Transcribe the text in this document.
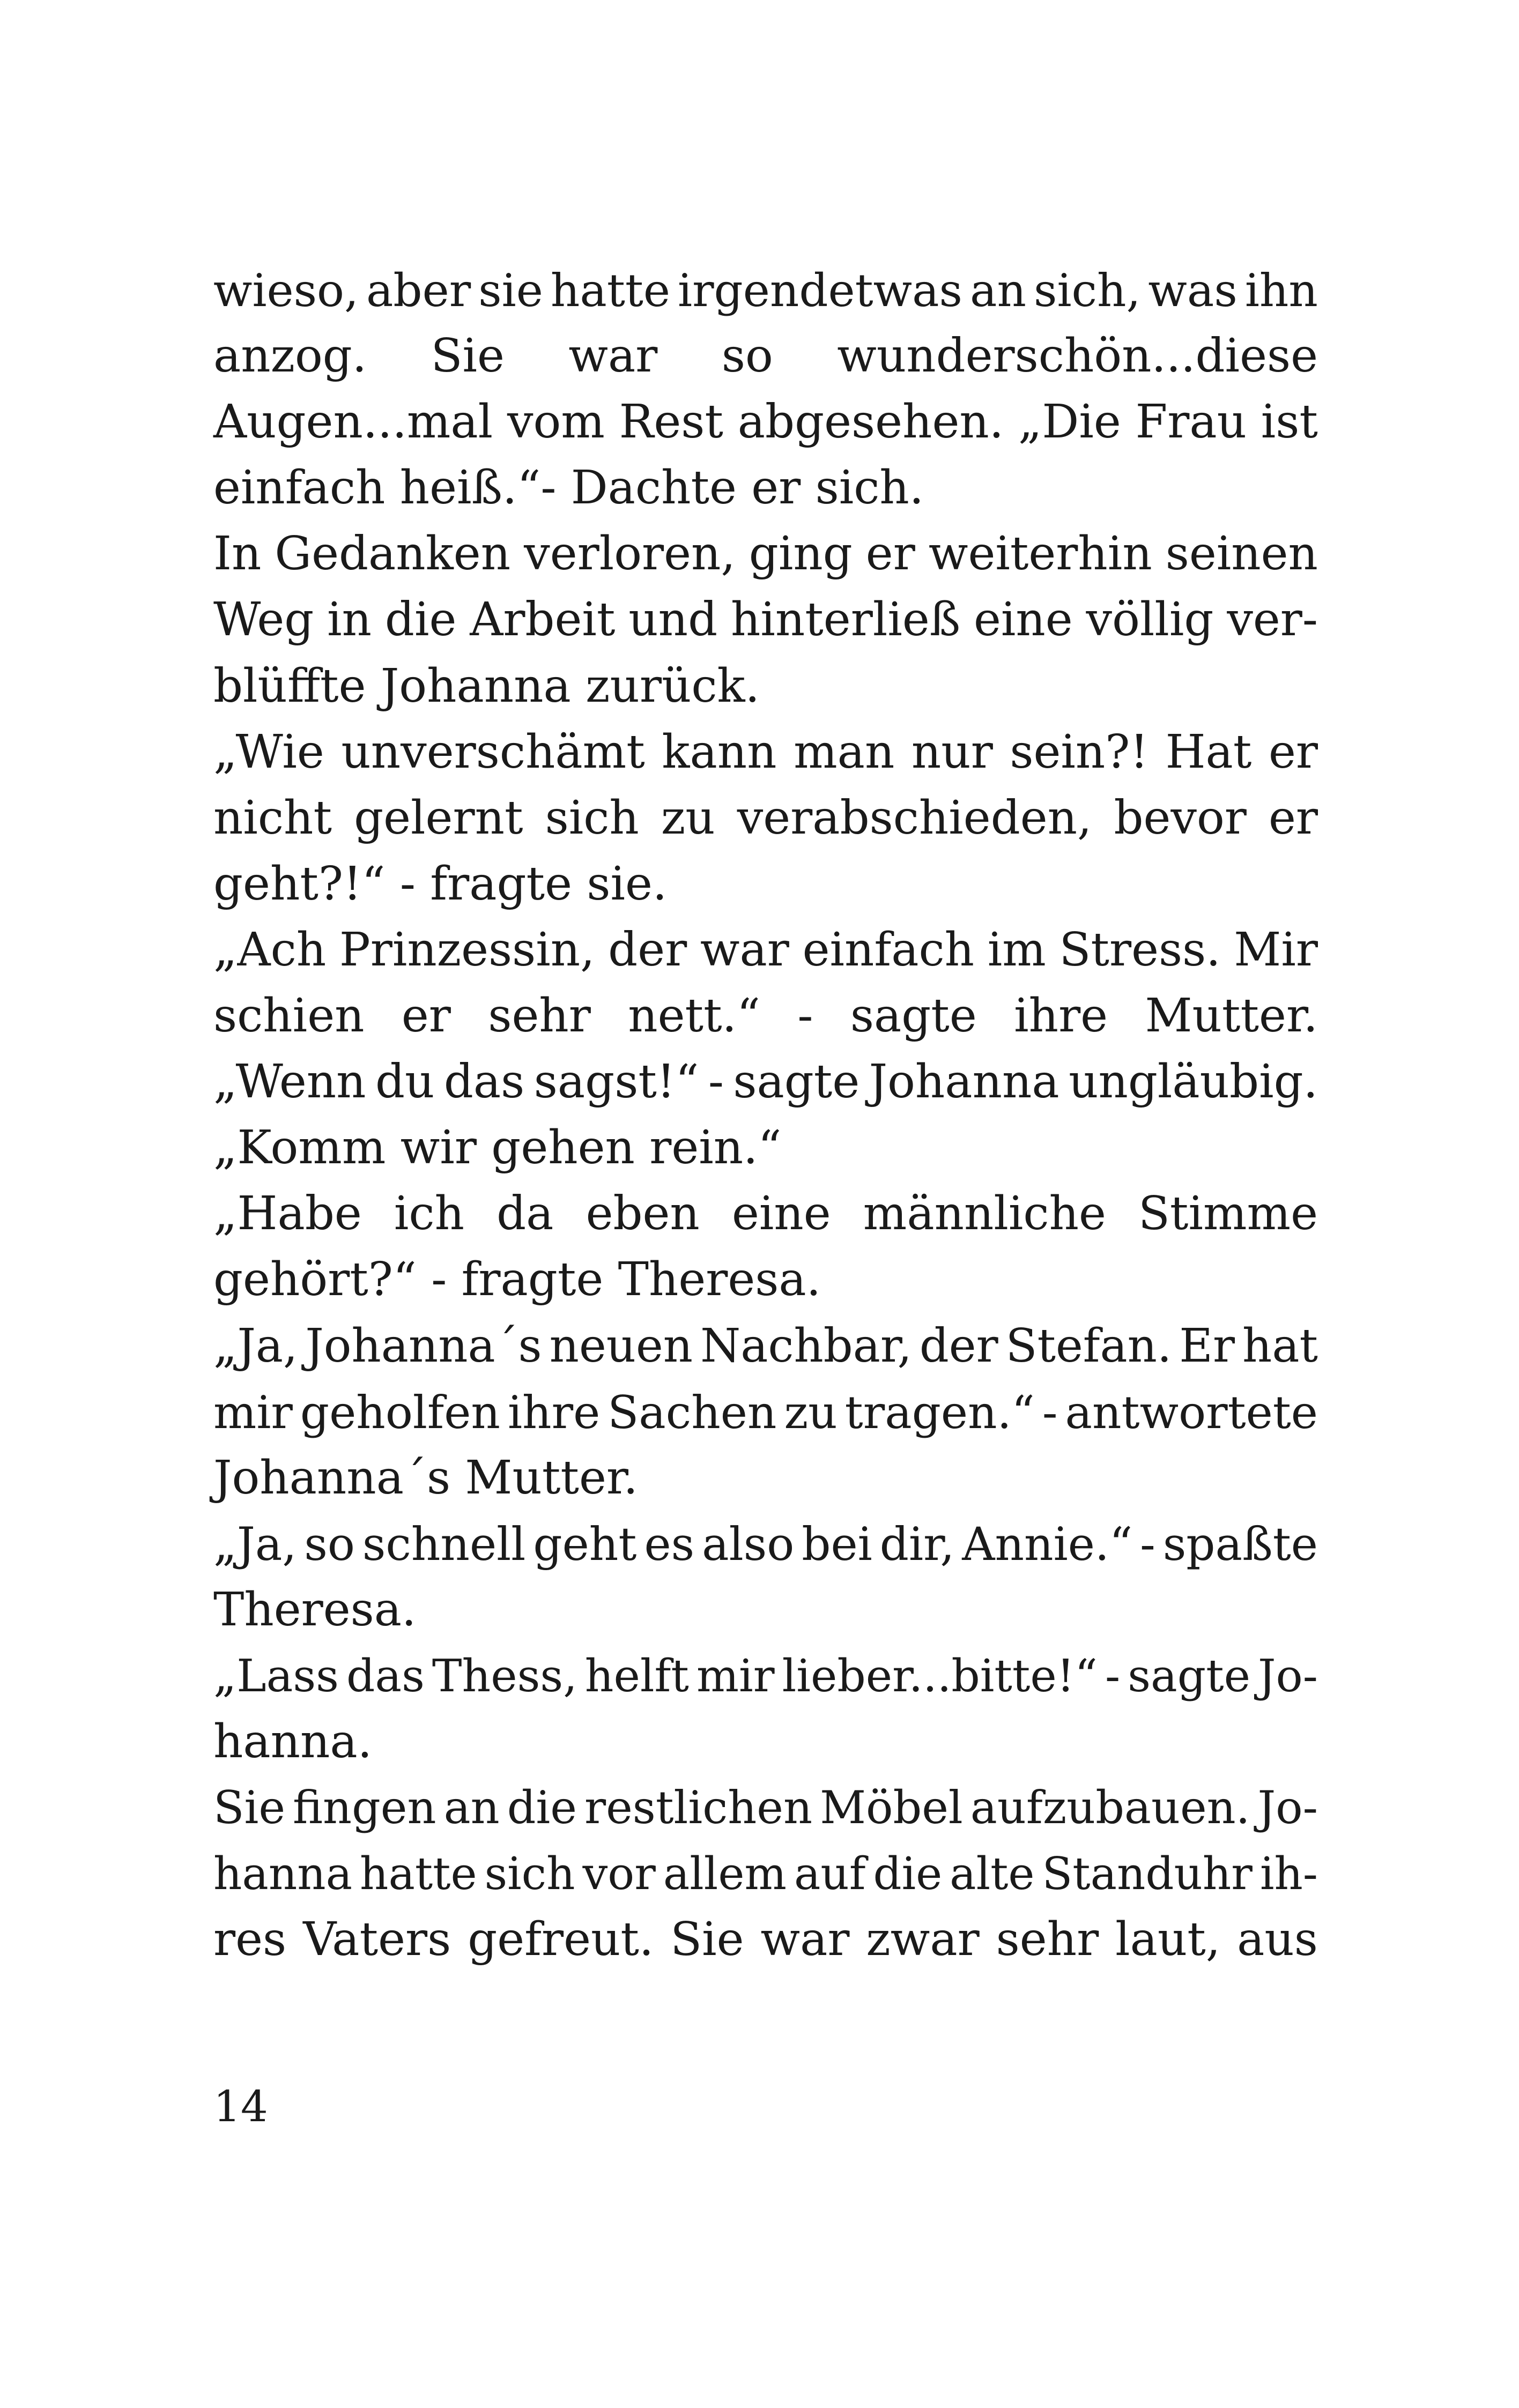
wieso, aber sie hatte irgendetwas an sich, was ihn
anzog. Sie war so wunderschön...diese
Augen...mal vom Rest abgesehen. „Die Frau ist
einfach heiß.“- Dachte er sich.
In Gedanken verloren, ging er weiterhin seinen
Weg in die Arbeit und hinterließ eine völlig ver-
blüffte Johanna zurück.
„Wie unverschämt kann man nur sein?! Hat er
nicht gelernt sich zu verabschieden, bevor er
geht?!“ - fragte sie.
„Ach Prinzessin, der war einfach im Stress. Mir
schien er sehr nett.“ - sagte ihre Mutter.
„Wenn du das sagst!“ - sagte Johanna ungläubig.
„Komm wir gehen rein.“
„Habe ich da eben eine männliche Stimme
gehört?“ - fragte Theresa.
„Ja, Johanna´s neuen Nachbar, der Stefan. Er hat
mir geholfen ihre Sachen zu tragen.“ - antwortete
Johanna´s Mutter.
„Ja, so schnell geht es also bei dir, Annie.“ - spaßte
Theresa.
„Lass das Thess, helft mir lieber...bitte!“ - sagte Jo-
hanna.
Sie fingen an die restlichen Möbel aufzubauen. Jo-
hanna hatte sich vor allem auf die alte Standuhr ih-
res Vaters gefreut. Sie war zwar sehr laut, aus
14
